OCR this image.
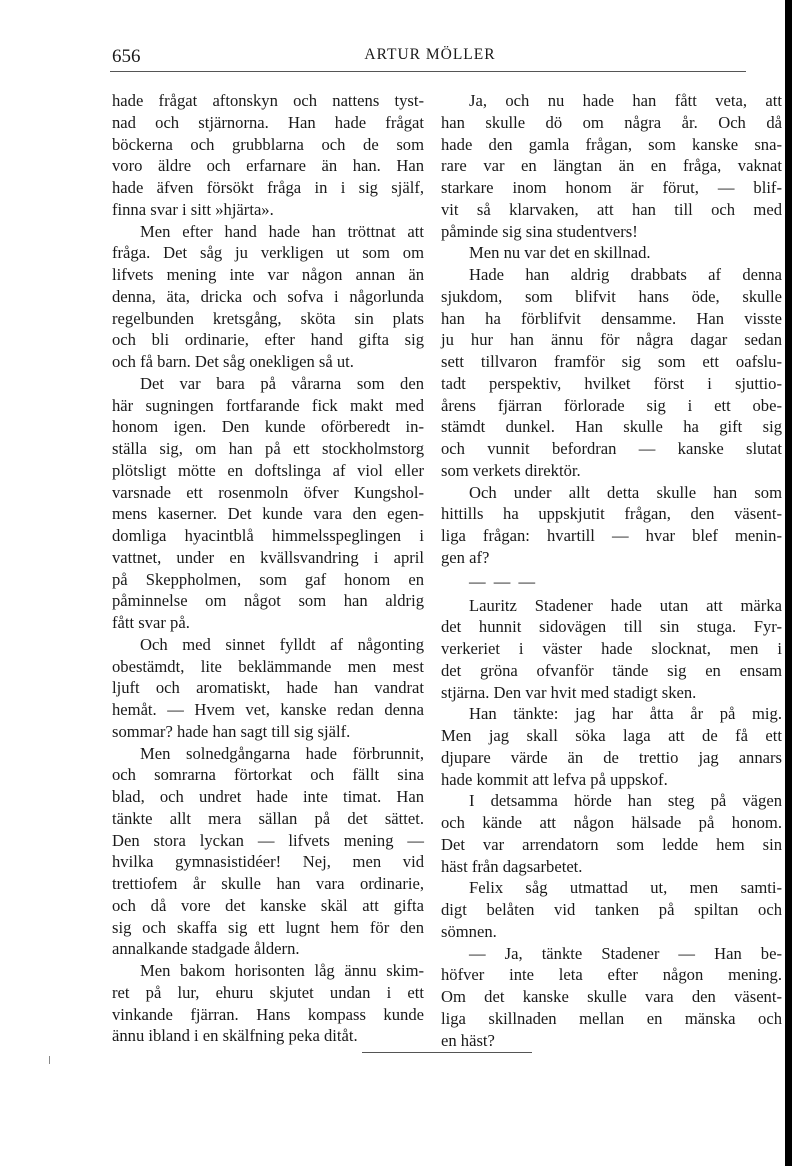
656	ARTUR MÖLLER
hade frågat aftonskyn och nattens tyst-
nad och stjärnorna. Han hade frågat
böckerna och grubblarna och de som
voro äldre och erfarnare än han. Han
hade äfven försökt fråga in i sig själf,
finna svar i sitt »hjärta».
Men efter hand hade han tröttnat att
fråga. Det såg ju verkligen ut som om
lifvets mening inte var någon annan än
denna, äta, dricka och sofva i någorlunda
regelbunden kretsgång, sköta sin plats
och bli ordinarie, efter hand gifta sig
och få barn. Det såg onekligen så ut.
Det var bara på vårarna som den
här sugningen fortfarande fick makt med
honom igen. Den kunde oförberedt in-
ställa sig, om han på ett stockholmstorg
plötsligt mötte en doftslinga af viol eller
varsnade ett rosenmoln öfver Kungshol-
mens kaserner. Det kunde vara den egen-
domliga hyacintblå himmelsspeglingen i
vattnet, under en kvällsvandring i april
på Skeppholmen, som gaf honom en
påminnelse om något som han aldrig
fått svar på.
Och med sinnet fylldt af någonting
obestämdt, lite beklämmande men mest
ljuft och aromatiskt, hade han vandrat
hemåt. — Hvem vet, kanske redan denna
sommar? hade han sagt till sig själf.
Men solnedgångarna hade förbrunnit,
och somrarna förtorkat och fällt sina
blad, och undret hade inte timat. Han
tänkte allt mera sällan på det sättet.
Den stora lyckan — lifvets mening —
hvilka gymnasistidéer! Nej, men vid
trettiofem år skulle han vara ordinarie,
och då vore det kanske skäl att gifta
sig och skaffa sig ett lugnt hem för den
annalkande stadgade åldern.
Men bakom horisonten låg ännu skim-
ret på lur, ehuru skjutet undan i ett
vinkande fjärran. Hans kompass kunde
ännu ibland i en skälfning peka ditåt.
Ja, och nu hade han fått veta, att
han skulle dö om några år. Och då
hade den gamla frågan, som kanske sna-
rare var en längtan än en fråga, vaknat
starkare inom honom är förut, — blif-
vit så klarvaken, att han till och med
påminde sig sina studentvers!
Men nu var det en skillnad.
Hade han aldrig drabbats af denna
sjukdom, som blifvit hans öde, skulle
han ha förblifvit densamme. Han visste
ju hur han ännu för några dagar sedan
sett tillvaron framför sig som ett oafslu-
tadt perspektiv, hvilket först i sjuttio-
årens fjärran förlorade sig i ett obe-
stämdt dunkel. Han skulle ha gift sig
och vunnit befordran — kanske slutat
som verkets direktör.
Och under allt detta skulle han som
hittills ha uppskjutit frågan, den väsent-
liga frågan: hvartill — hvar blef menin-
gen af?
— — —
Lauritz Stadener hade utan att märka
det hunnit sidovägen till sin stuga. Fyr-
verkeriet i väster hade slocknat, men i
det gröna ofvanför tände sig en ensam
stjärna. Den var hvit med stadigt sken.
Han tänkte: jag har åtta år på mig.
Men jag skall söka laga att de få ett
djupare värde än de trettio jag annars
hade kommit att lefva på uppskof.
I detsamma hörde han steg på vägen
och kände att någon hälsade på honom.
Det var arrendatorn som ledde hem sin
häst från dagsarbetet.
Felix såg utmattad ut, men samti-
digt belåten vid tanken på spiltan och
sömnen.
— Ja, tänkte Stadener — Han be-
höfver inte leta efter någon mening.
Om det kanske skulle vara den väsent-
liga skillnaden mellan en mänska och
en häst?
